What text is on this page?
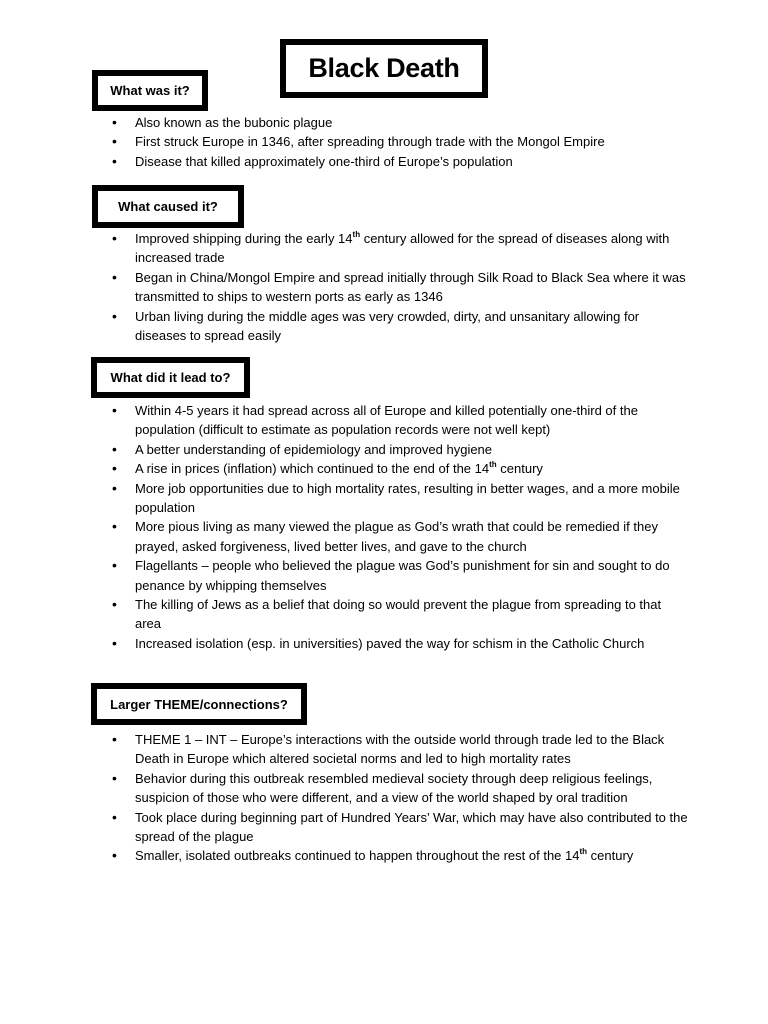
Black Death
What was it?
• Also known as the bubonic plague
• First struck Europe in 1346, after spreading through trade with the Mongol Empire
• Disease that killed approximately one-third of Europe’s population
What caused it?
• Improved shipping during the early 14th century allowed for the spread of diseases along with increased trade
• Began in China/Mongol Empire and spread initially through Silk Road to Black Sea where it was transmitted to ships to western ports as early as 1346
• Urban living during the middle ages was very crowded, dirty, and unsanitary allowing for diseases to spread easily
What did it lead to?
• Within 4-5 years it had spread across all of Europe and killed potentially one-third of the population (difficult to estimate as population records were not well kept)
• A better understanding of epidemiology and improved hygiene
• A rise in prices (inflation) which continued to the end of the 14th century
• More job opportunities due to high mortality rates, resulting in better wages, and a more mobile population
• More pious living as many viewed the plague as God’s wrath that could be remedied if they prayed, asked forgiveness, lived better lives, and gave to the church
• Flagellants – people who believed the plague was God’s punishment for sin and sought to do penance by whipping themselves
• The killing of Jews as a belief that doing so would prevent the plague from spreading to that area
• Increased isolation (esp. in universities) paved the way for schism in the Catholic Church
Larger THEME/connections?
• THEME 1 – INT – Europe’s interactions with the outside world through trade led to the Black Death in Europe which altered societal norms and led to high mortality rates
• Behavior during this outbreak resembled medieval society through deep religious feelings, suspicion of those who were different, and a view of the world shaped by oral tradition
• Took place during beginning part of Hundred Years’ War, which may have also contributed to the spread of the plague
• Smaller, isolated outbreaks continued to happen throughout the rest of the 14th century
